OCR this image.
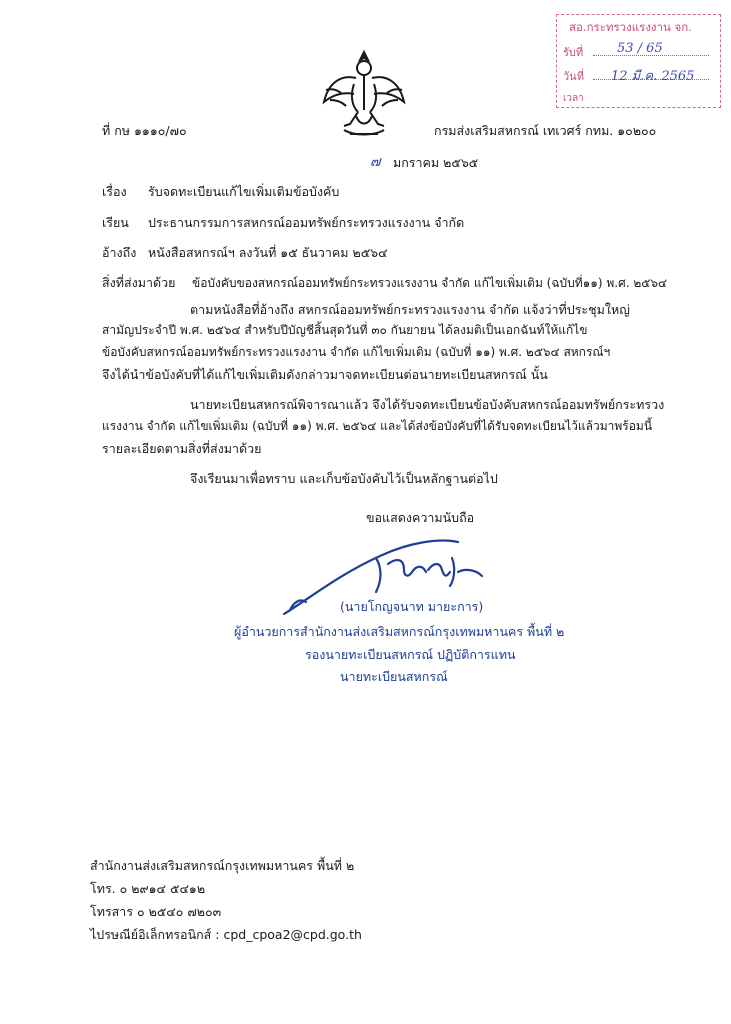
สอ.กระทรวงแรงงาน จก.
รับที่	53 / 65
วันที่ 12 มี.ค. 2565
เวลา
ที่ กษ ๑๑๑๐/๗๐	กรมส่งเสริมสหกรณ์ เทเวศร์ กทม. ๑๐๒๐๐
๗ มกราคม ๒๕๖๕
เรื่อง รับจดทะเบียนแก้ไขเพิ่มเติมข้อบังคับ
เรียน ประธานกรรมการสหกรณ์ออมทรัพย์กระทรวงแรงงาน จำกัด
อ้างถึง หนังสือสหกรณ์ฯ ลงวันที่ ๑๕ ธันวาคม ๒๕๖๔
สิ่งที่ส่งมาด้วย ข้อบังคับของสหกรณ์ออมทรัพย์กระทรวงแรงงาน จำกัด แก้ไขเพิ่มเติม (ฉบับที่๑๑) พ.ศ. ๒๕๖๔
ตามหนังสือที่อ้างถึง สหกรณ์ออมทรัพย์กระทรวงแรงงาน จำกัด แจ้งว่าที่ประชุมใหญ่
สามัญประจำปี พ.ศ. ๒๕๖๔ สำหรับปีบัญชีสิ้นสุดวันที่ ๓๐ กันยายน ได้ลงมติเป็นเอกฉันท์ให้แก้ไข
ข้อบังคับสหกรณ์ออมทรัพย์กระทรวงแรงงาน จำกัด แก้ไขเพิ่มเติม (ฉบับที่ ๑๑) พ.ศ. ๒๕๖๔ สหกรณ์ฯ
จึงได้นำข้อบังคับที่ได้แก้ไขเพิ่มเติมดังกล่าวมาจดทะเบียนต่อนายทะเบียนสหกรณ์ นั้น
นายทะเบียนสหกรณ์พิจารณาแล้ว จึงได้รับจดทะเบียนข้อบังคับสหกรณ์ออมทรัพย์กระทรวง
แรงงาน จำกัด แก้ไขเพิ่มเติม (ฉบับที่ ๑๑) พ.ศ. ๒๕๖๔ และได้ส่งข้อบังคับที่ได้รับจดทะเบียนไว้แล้วมาพร้อมนี้
รายละเอียดตามสิ่งที่ส่งมาด้วย
จึงเรียนมาเพื่อทราบ และเก็บข้อบังคับไว้เป็นหลักฐานต่อไป
ขอแสดงความนับถือ
(นายโกญจนาท มายะการ)
ผู้อำนวยการสำนักงานส่งเสริมสหกรณ์กรุงเทพมหานคร พื้นที่ ๒
รองนายทะเบียนสหกรณ์ ปฏิบัติการแทน
นายทะเบียนสหกรณ์
สำนักงานส่งเสริมสหกรณ์กรุงเทพมหานคร พื้นที่ ๒
โทร. ๐ ๒๙๑๔ ๕๔๑๒
โทรสาร ๐ ๒๕๔๐ ๗๒๐๓
ไปรษณีย์อิเล็กทรอนิกส์ : cpd_cpoa2@cpd.go.th
